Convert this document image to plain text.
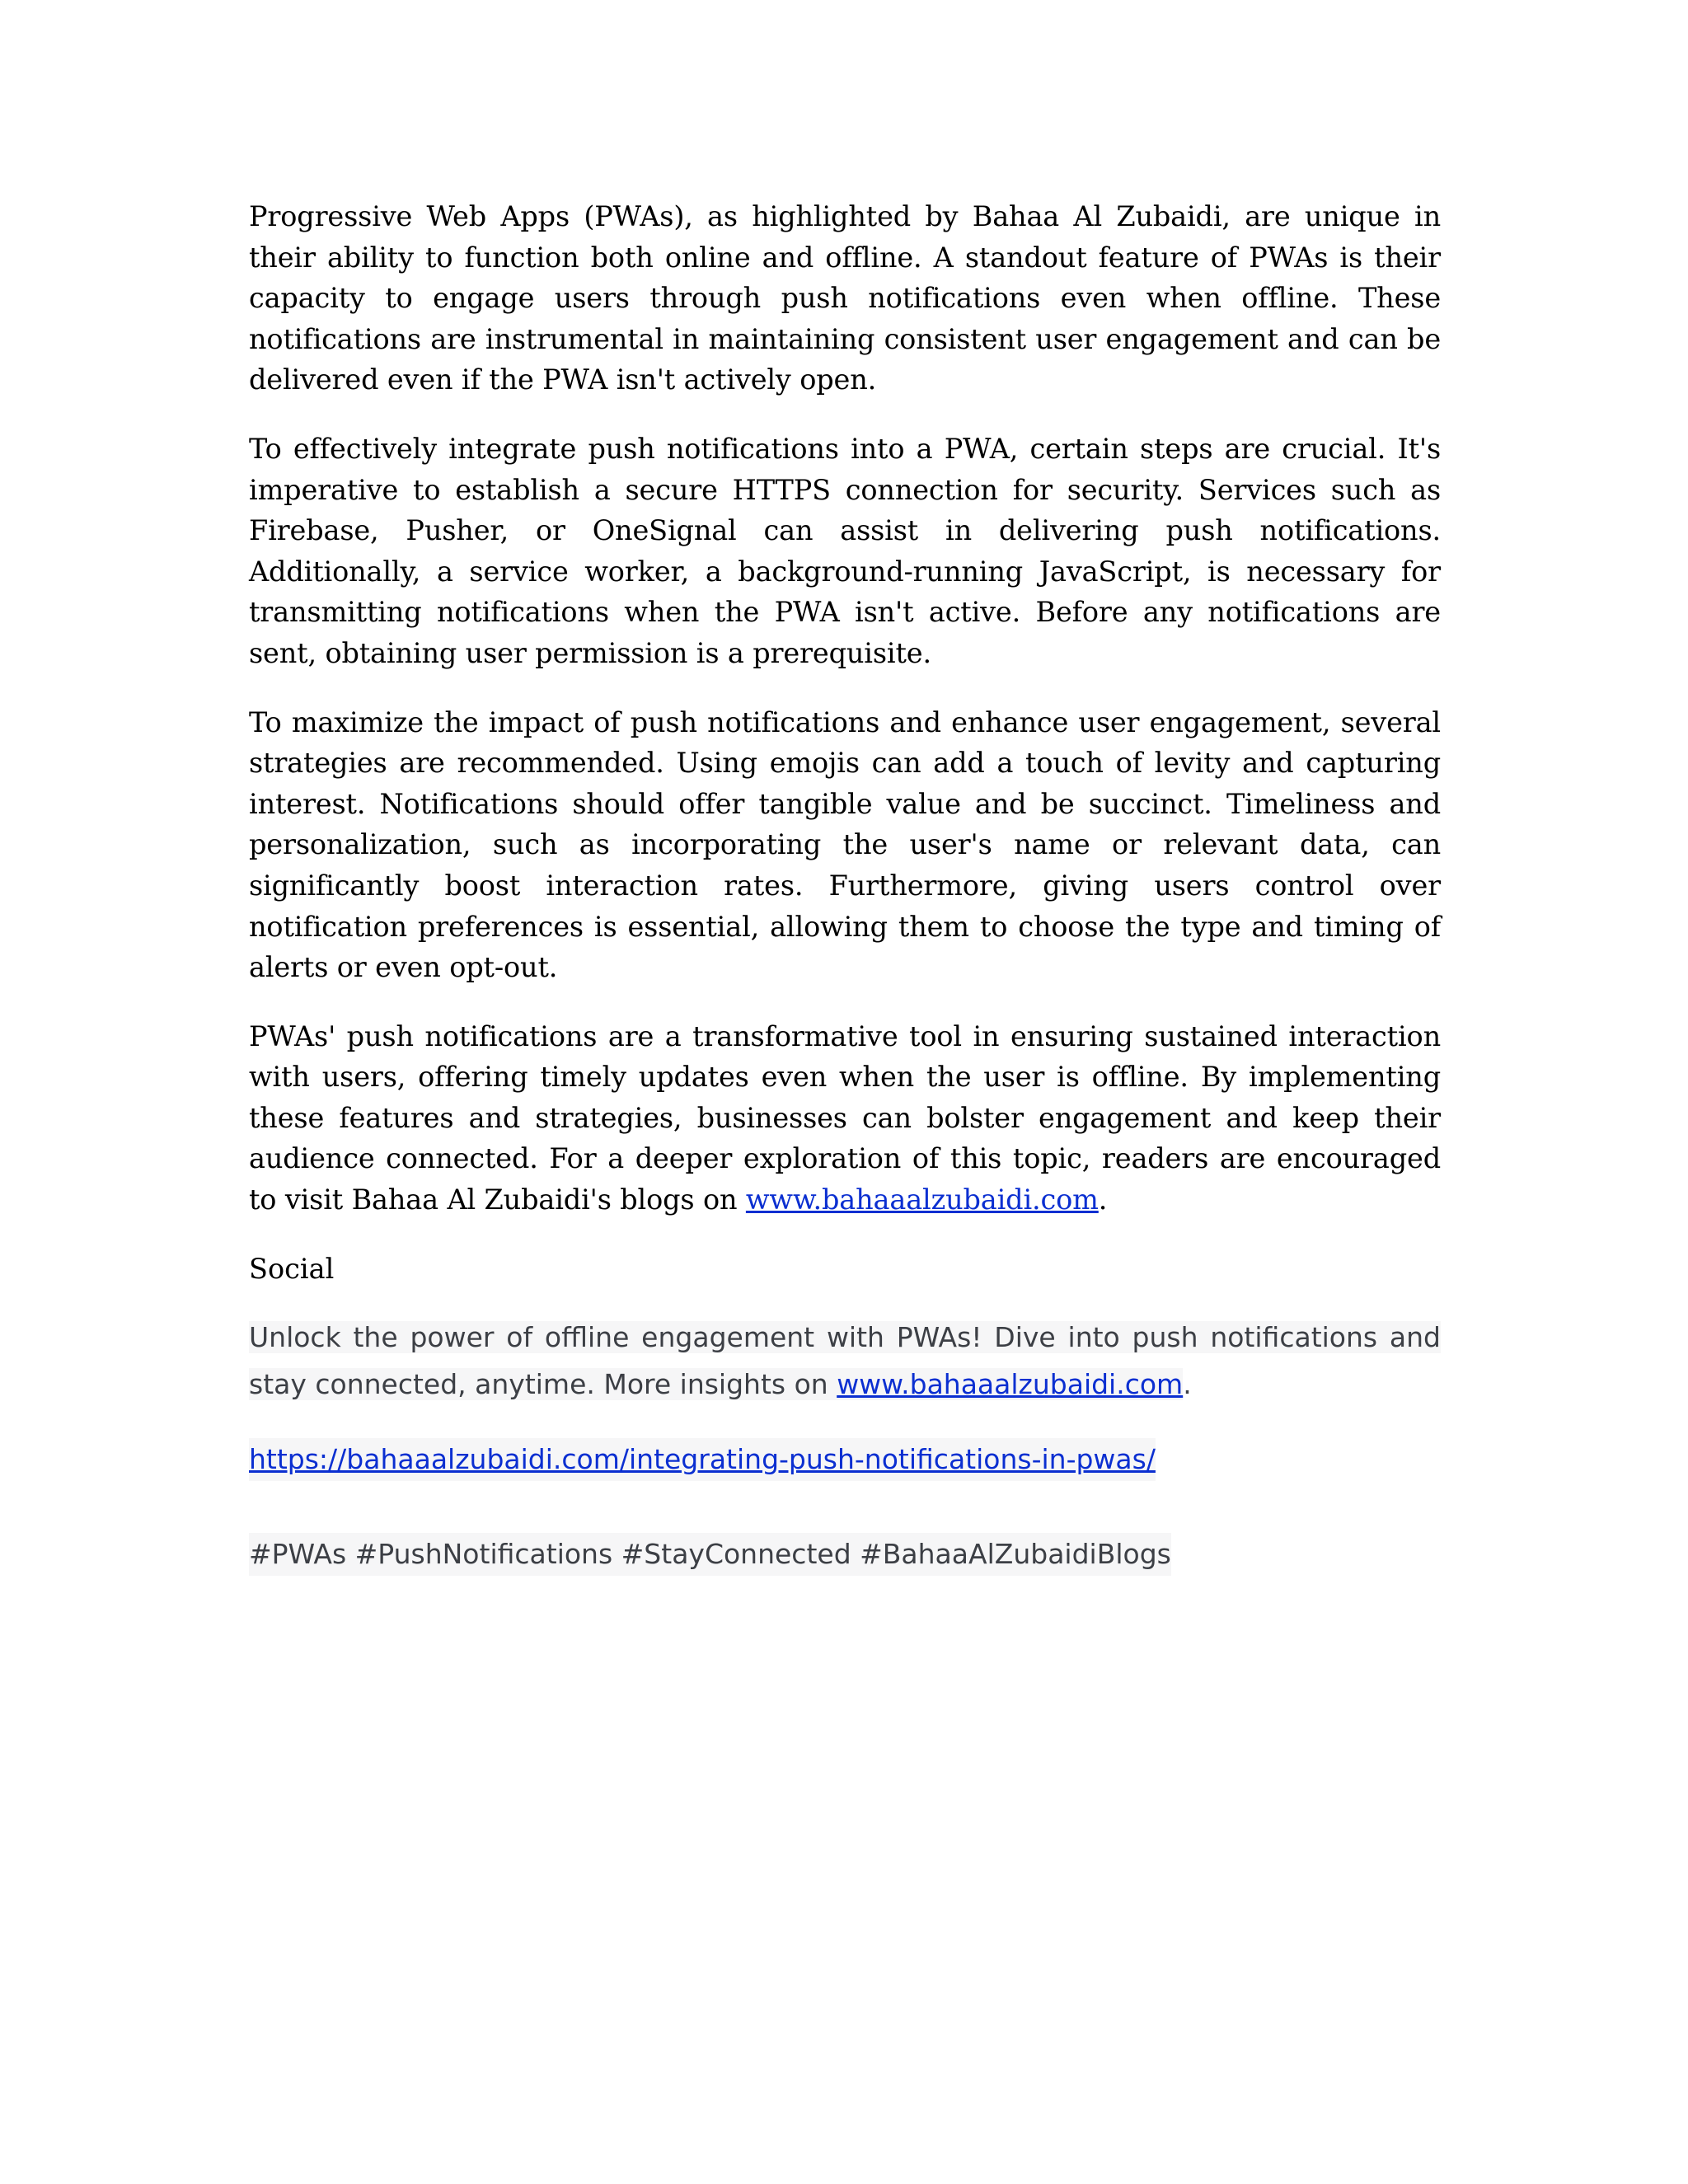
Progressive Web Apps (PWAs), as highlighted by Bahaa Al Zubaidi, are unique in their ability to function both online and offline. A standout feature of PWAs is their capacity to engage users through push notifications even when offline. These notifications are instrumental in maintaining consistent user engagement and can be delivered even if the PWA isn't actively open.

To effectively integrate push notifications into a PWA, certain steps are crucial. It's imperative to establish a secure HTTPS connection for security. Services such as Firebase, Pusher, or OneSignal can assist in delivering push notifications. Additionally, a service worker, a background-running JavaScript, is necessary for transmitting notifications when the PWA isn't active. Before any notifications are sent, obtaining user permission is a prerequisite.

To maximize the impact of push notifications and enhance user engagement, several strategies are recommended. Using emojis can add a touch of levity and capturing interest. Notifications should offer tangible value and be succinct. Timeliness and personalization, such as incorporating the user's name or relevant data, can significantly boost interaction rates. Furthermore, giving users control over notification preferences is essential, allowing them to choose the type and timing of alerts or even opt-out.

PWAs' push notifications are a transformative tool in ensuring sustained interaction with users, offering timely updates even when the user is offline. By implementing these features and strategies, businesses can bolster engagement and keep their audience connected. For a deeper exploration of this topic, readers are encouraged to visit Bahaa Al Zubaidi's blogs on www.bahaaalzubaidi.com.

Social

Unlock the power of offline engagement with PWAs! Dive into push notifications and stay connected, anytime. More insights on www.bahaaalzubaidi.com.

https://bahaaalzubaidi.com/integrating-push-notifications-in-pwas/
#PWAs #PushNotifications #StayConnected #BahaaAlZubaidiBlogs
